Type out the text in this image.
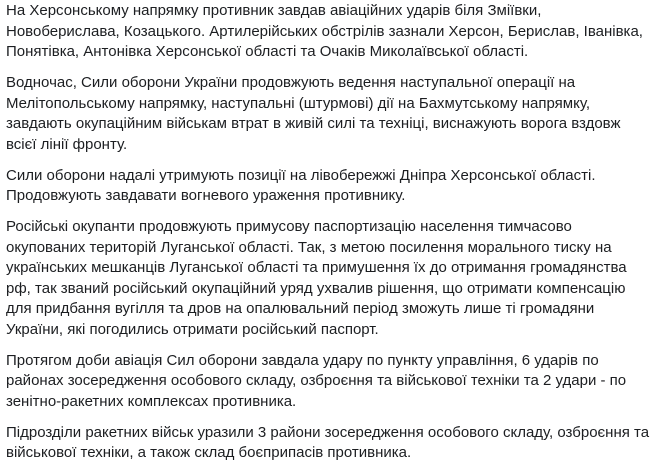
На Херсонському напрямку противник завдав авіаційних ударів біля Зміївки, Новоберислава, Козацького. Артилерійських обстрілів зазнали Херсон, Берислав, Іванівка, Понятівка, Антонівка Херсонської області та Очаків Миколаївської області.

Водночас, Сили оборони України продовжують ведення наступальної операції на Мелітопольському напрямку, наступальні (штурмові) дії на Бахмутському напрямку, завдають окупаційним військам втрат в живій силі та техніці, виснажують ворога вздовж всієї лінії фронту.

Сили оборони надалі утримують позиції на лівобережжі Дніпра Херсонської області. Продовжують завдавати вогневого ураження противнику.

Російські окупанти продовжують примусову паспортизацію населення тимчасово окупованих територій Луганської області. Так, з метою посилення морального тиску на українських мешканців Луганської області та примушення їх до отримання громадянства рф, так званий російський окупаційний уряд ухвалив рішення, що отримати компенсацію для придбання вугілля та дров на опалювальний період зможуть лише ті громадяни України, які погодились отримати російський паспорт.

Протягом доби авіація Сил оборони завдала удару по пункту управління, 6 ударів по районах зосередження особового складу, озброєння та військової техніки та 2 удари - по зенітно-ракетних комплексах противника.

Підрозділи ракетних військ уразили 3 райони зосередження особового складу, озброєння та військової техніки, а також склад боєприпасів противника.
